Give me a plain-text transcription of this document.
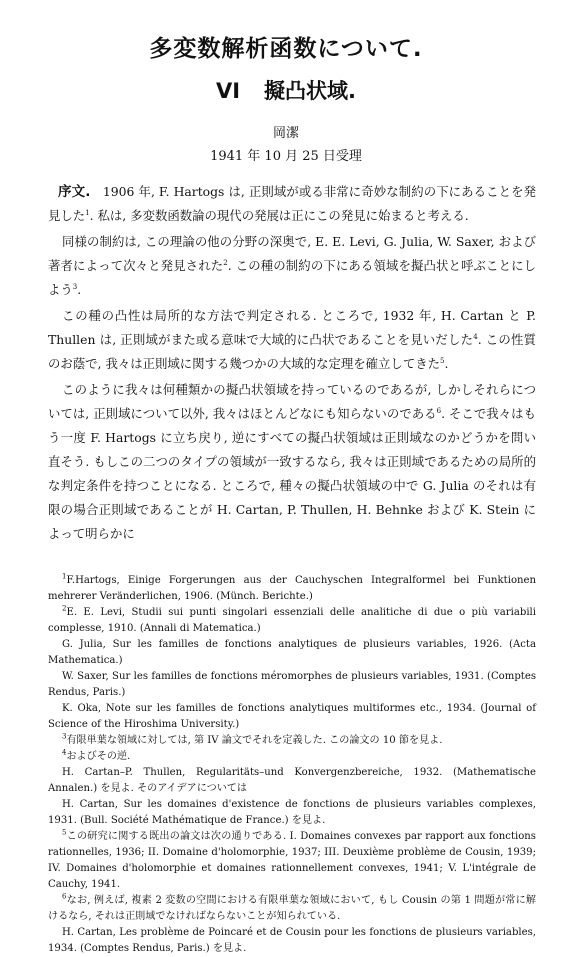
多変数解析函数について.
VI 擬凸状域.
岡潔
1941 年 10 月 25 日受理

序文.　1906 年, F. Hartogs は, 正則域が或る非常に奇妙な制約の下にあることを発見した$^1$. 私は, 多変数函数論の現代の発展は正にこの発見に始まると考える.

同様の制約は, この理論の他の分野の深奥で, E. E. Levi, G. Julia, W. Saxer, および著者によって次々と発見された$^2$. この種の制約の下にある領域を擬凸状と呼ぶことにしよう$^3$.

この種の凸性は局所的な方法で判定される. ところで, 1932 年, H. Cartan と P. Thullen は, 正則域がまた或る意味で大域的に凸状であることを見いだした$^4$. この性質のお蔭で, 我々は正則域に関する幾つかの大域的な定理を確立してきた$^5$.

このように我々は何種類かの擬凸状領域を持っているのであるが, しかしそれらについては, 正則域について以外, 我々はほとんどなにも知らないのである$^6$. そこで我々はもう一度 F. Hartogs に立ち戻り, 逆にすべての擬凸状領域は正則域なのかどうかを問い直そう. もしこの二つのタイプの領域が一致するなら, 我々は正則域であるための局所的な判定条件を持つことになる. ところで, 種々の擬凸状領域の中で G. Julia のそれは有限の場合正則域であることが H. Cartan, P. Thullen, H. Behnke および K. Stein によって明らかに

$^1$F.Hartogs, Einige Forgerungen aus der Cauchyschen Integralformel bei Funktionen mehrerer Veränderlichen, 1906. (Münch. Berichte.)

$^2$E. E. Levi, Studii sui punti singolari essenziali delle analitiche di due o più variabili complesse, 1910. (Annali di Matematica.)

G. Julia, Sur les familles de fonctions analytiques de plusieurs variables, 1926. (Acta Mathematica.)

W. Saxer, Sur les familles de fonctions méromorphes de plusieurs variables, 1931. (Comptes Rendus, Paris.)

K. Oka, Note sur les familles de fonctions analytiques multiformes etc., 1934. (Journal of Science of the Hiroshima University.)

$^3$有限単葉な領域に対しては, 第 IV 論文でそれを定義した. この論文の 10 節を見よ.

$^4$およびその逆.

H. Cartan–P. Thullen, Regularitäts–und Konvergenzbereiche, 1932. (Mathematische Annalen.) を見よ. そのアイデアについては

H. Cartan, Sur les domaines d'existence de fonctions de plusieurs variables complexes, 1931. (Bull. Société Mathématique de France.) を見よ.

$^5$この研究に関する既出の論文は次の通りである. I. Domaines convexes par rapport aux fonctions rationnelles, 1936; II. Domaine d'holomorphie, 1937; III. Deuxième problème de Cousin, 1939; IV. Domaines d'holomorphie et domaines rationnellement convexes, 1941; V. L'intégrale de Cauchy, 1941.

$^6$なお, 例えば, 複素 2 変数の空間における有限単葉な領域において, もし Cousin の第 1 問題が常に解けるなら, それは正則域でなければならないことが知られている.

H. Cartan, Les problème de Poincaré et de Cousin pour les fonctions de plusieurs variables, 1934. (Comptes Rendus, Paris.) を見よ.
